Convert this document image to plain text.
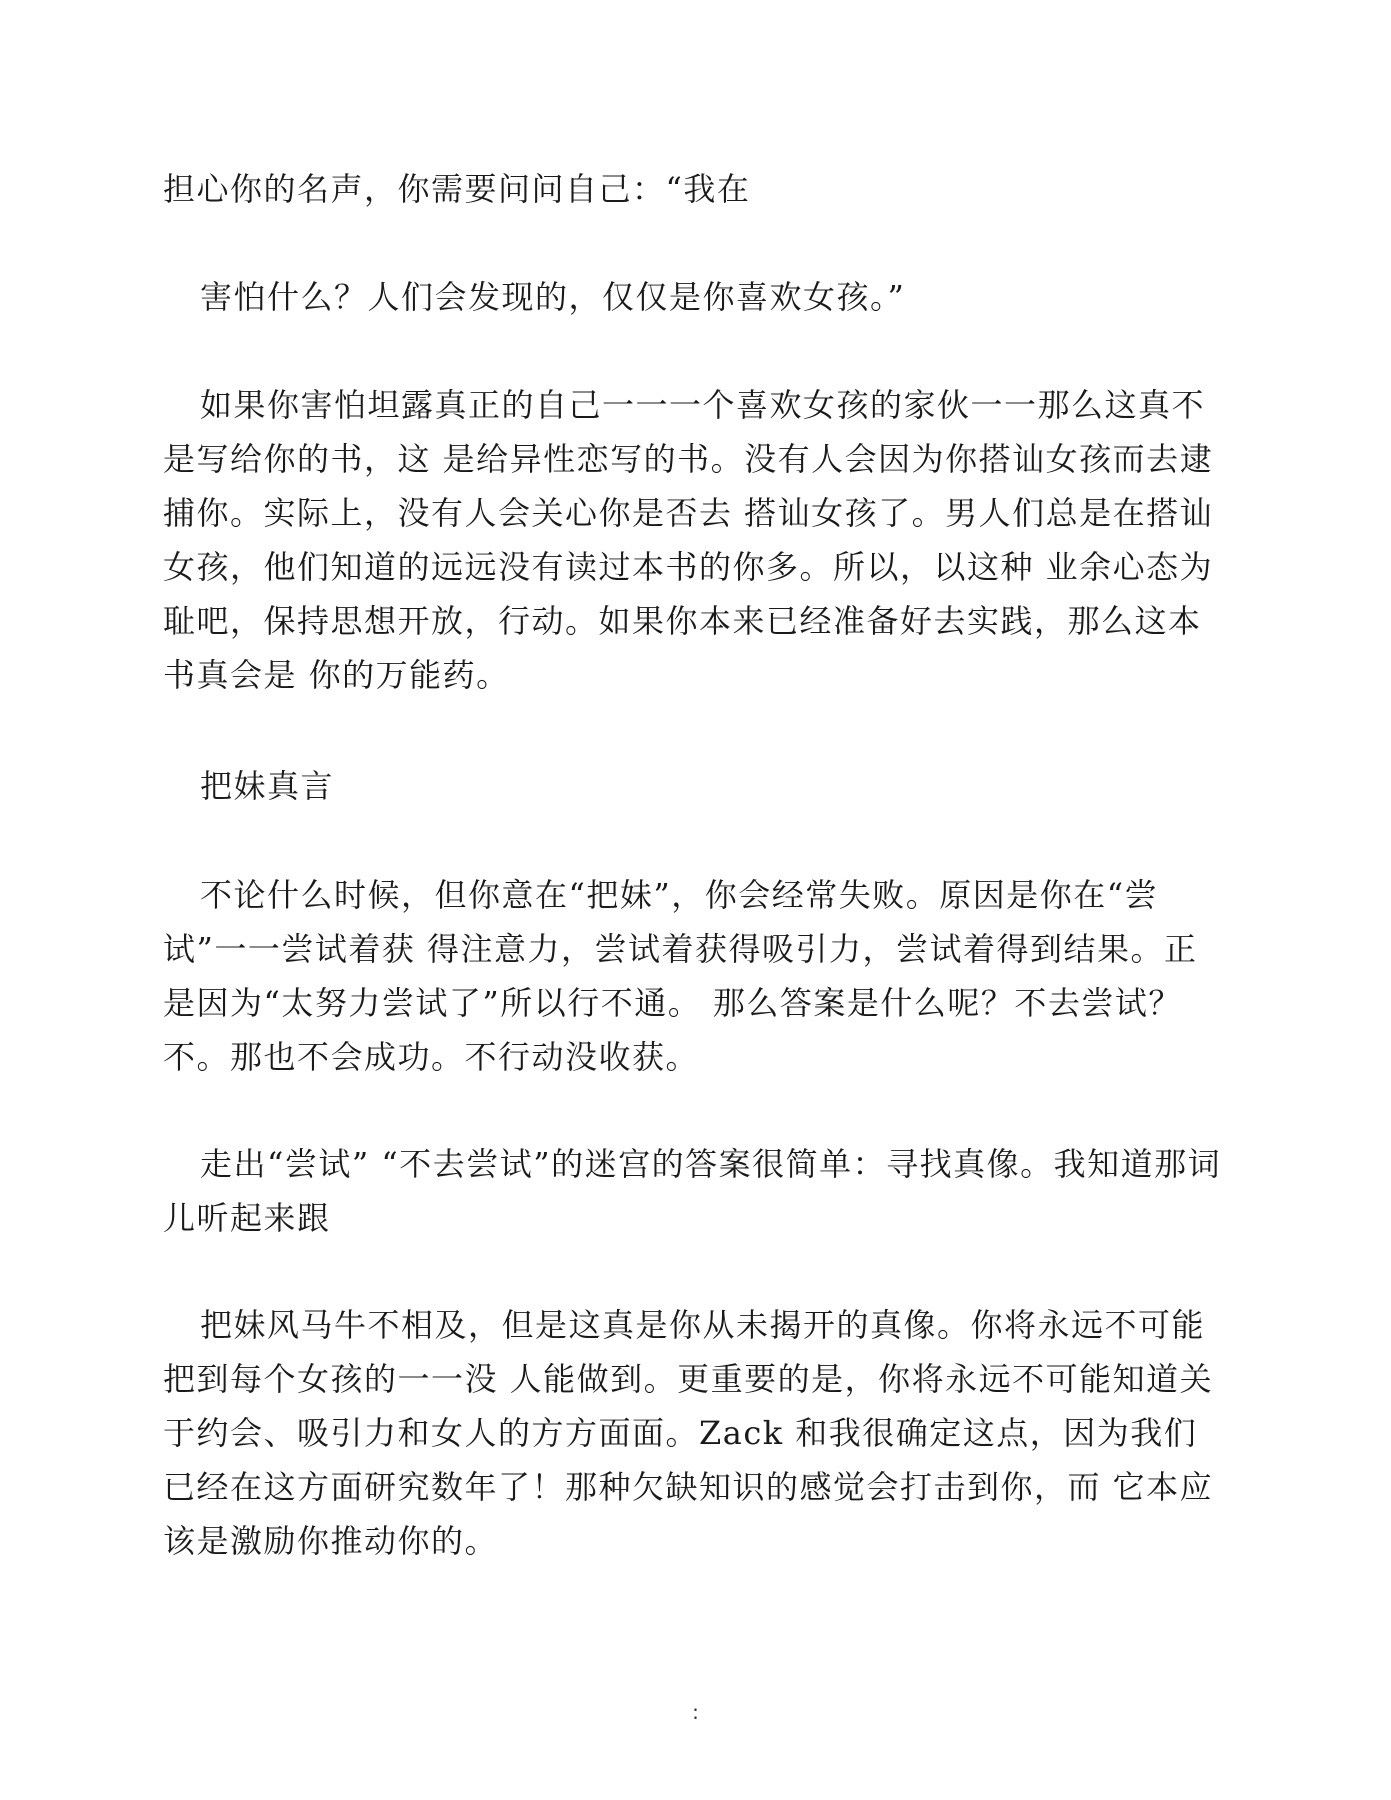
担心你的名声，你需要问问自己：“我在

害怕什么？人们会发现的，仅仅是你喜欢女孩。”

如果你害怕坦露真正的自己一一一个喜欢女孩的家伙一一那么这真不是写给你的书，这 是给异性恋写的书。没有人会因为你搭讪女孩而去逮捕你。实际上，没有人会关心你是否去 搭讪女孩了。男人们总是在搭讪女孩，他们知道的远远没有读过本书的你多。所以，以这种 业余心态为耻吧，保持思想开放，行动。如果你本来已经准备好去实践，那么这本书真会是 你的万能药。

把妹真言

不论什么时候，但你意在“把妹”，你会经常失败。原因是你在“尝试”一一尝试着获 得注意力，尝试着获得吸引力，尝试着得到结果。正是因为“太努力尝试了”所以行不通。 那么答案是什么呢？不去尝试？不。那也不会成功。不行动没收获。

走出“尝试” “不去尝试”的迷宫的答案很简单：寻找真像。我知道那词儿听起来跟

把妹风马牛不相及，但是这真是你从未揭开的真像。你将永远不可能把到每个女孩的一一没 人能做到。更重要的是，你将永远不可能知道关于约会、吸引力和女人的方方面面。Zack 和我很确定这点，因为我们已经在这方面研究数年了！那种欠缺知识的感觉会打击到你，而 它本应该是激励你推动你的。

:
